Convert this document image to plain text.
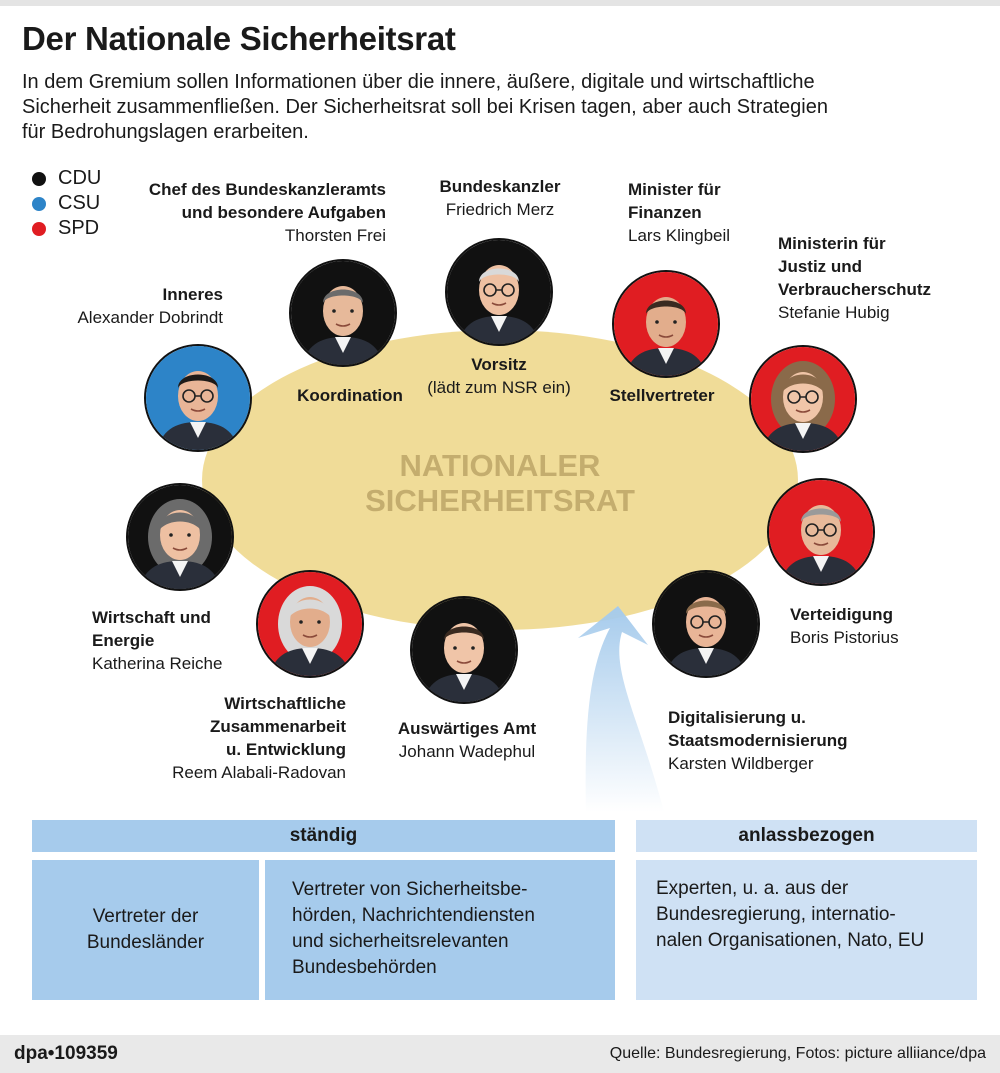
Der Nationale Sicherheitsrat
In dem Gremium sollen Informationen über die innere, äußere, digitale und wirtschaftliche
Sicherheit zusammenfließen. Der Sicherheitsrat soll bei Krisen tagen, aber auch Strategien
für Bedrohungslagen erarbeiten.
CDU
CSU
SPD
NATIONALER
SICHERHEITSRAT
Chef des Bundeskanzleramts
und besondere Aufgaben
Thorsten Frei
Bundeskanzler
Friedrich Merz
Minister für
Finanzen
Lars Klingbeil	Ministerin für
Justiz und
Verbraucherschutz
Stefanie Hubig
Inneres
Alexander Dobrindt
Verteidigung
Boris Pistorius
Wirtschaft und
Energie
Katherina Reiche
Wirtschaftliche
Zusammenarbeit
u. Entwicklung
Reem Alabali-Radovan
Auswärtiges Amt
Johann Wadephul
Digitalisierung u.
Staatsmodernisierung
Karsten Wildberger
Koordination
Vorsitz
(lädt zum NSR ein)	Stellvertreter
ständig
Vertreter der
Bundesländer
Vertreter von Sicherheitsbe-
hörden, Nachrichtendiensten
und sicherheitsrelevanten
Bundesbehörden
anlassbezogen
Experten, u. a. aus der
Bundesregierung, internatio-
nalen Organisationen, Nato, EU
dpa•109359	Quelle: Bundesregierung, Fotos: picture alliiance/dpa
